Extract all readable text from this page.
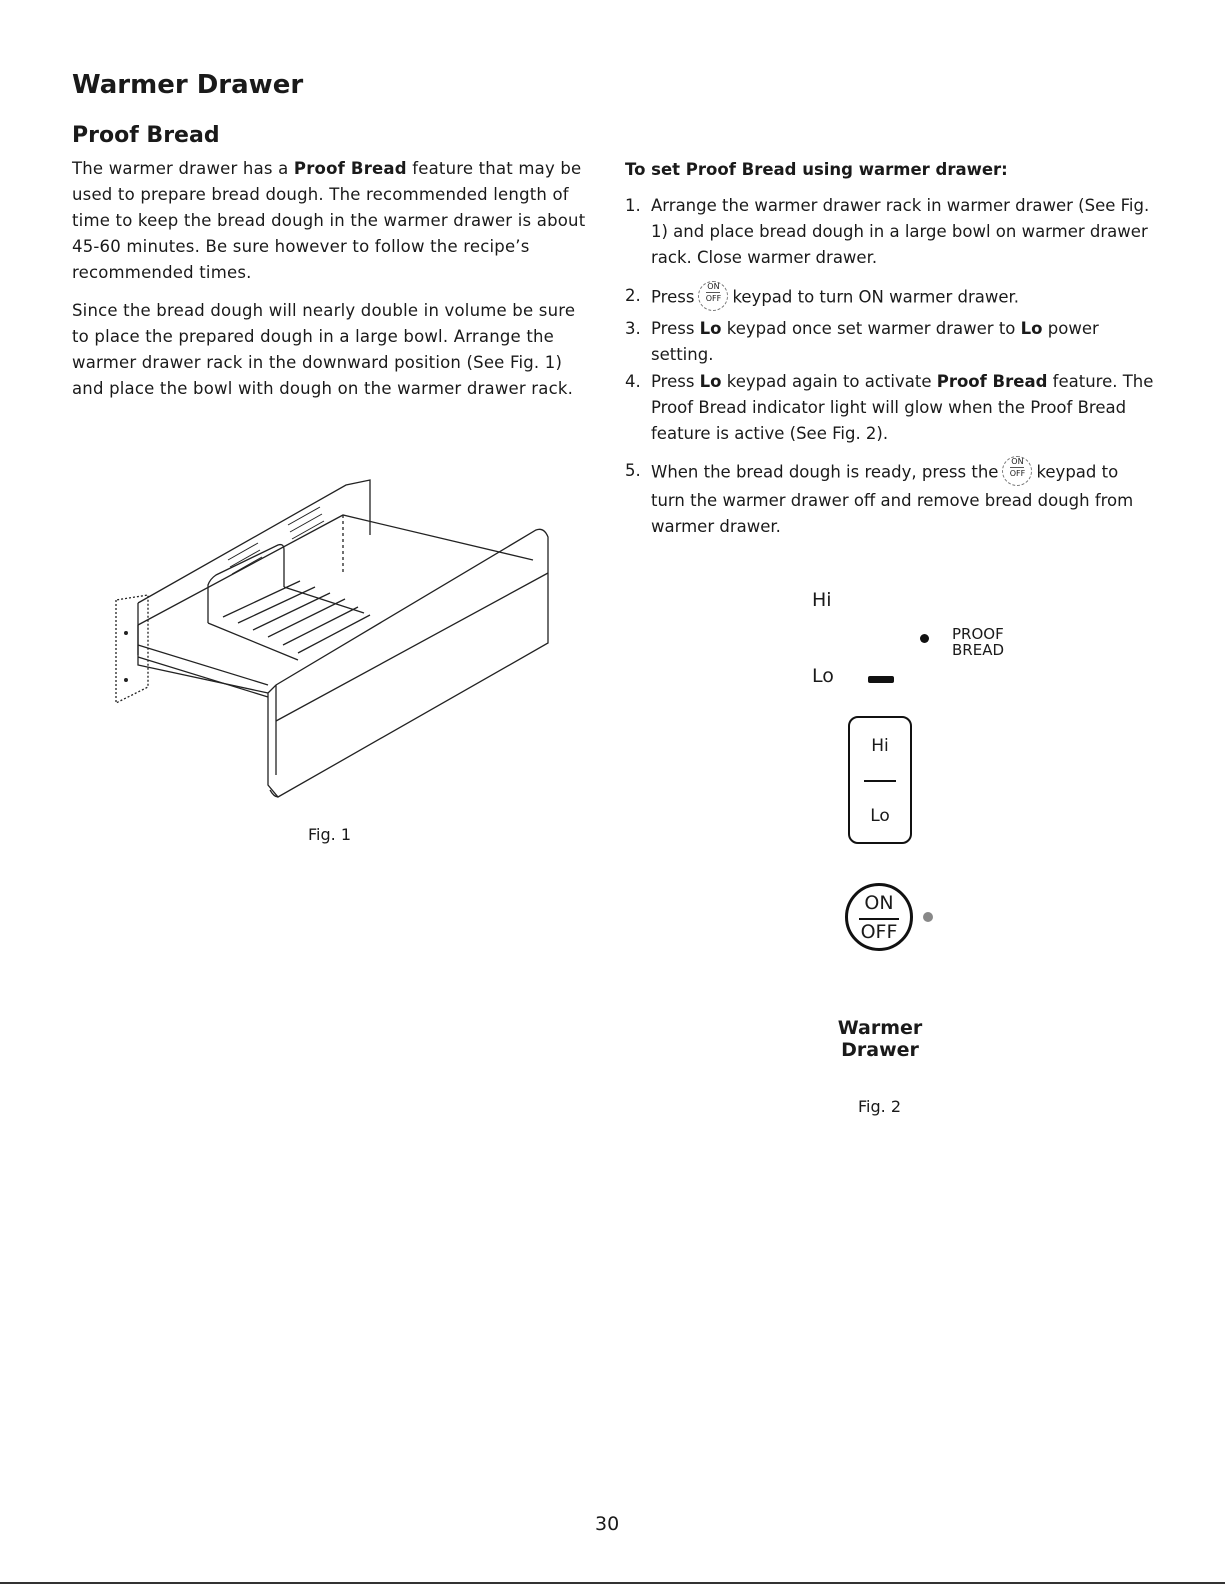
Warmer Drawer
Proof Bread

The warmer drawer has a Proof Bread feature that may be used to prepare bread dough. The recommended length of time to keep the bread dough in the warmer drawer is about 45-60 minutes. Be sure however to follow the recipe’s recommended times.

Since the bread dough will nearly double in volume be sure to place the prepared dough in a large bowl. Arrange the warmer drawer rack in the downward position (See Fig. 1) and place the bowl with dough on the warmer drawer rack.

Fig. 1

To set Proof Bread using warmer drawer:

1. Arrange the warmer drawer rack in warmer drawer (See Fig. 1) and place bread dough in a large bowl on warmer drawer rack. Close warmer drawer.
2. Press
ON
OFF keypad to turn ON warmer drawer.
3. Press Lo keypad once set warmer drawer to Lo power setting.
4. Press Lo keypad again to activate Proof Bread feature. The Proof Bread indicator light will glow when the Proof Bread feature is active (See Fig. 2).
5. When the bread dough is ready, press the
ON
OFF keypad to turn the warmer drawer off and remove bread dough from warmer drawer.
Hi
PROOF
BREAD
Lo
Hi
Lo
ON
OFF
Warmer
Drawer

Fig. 2

30
